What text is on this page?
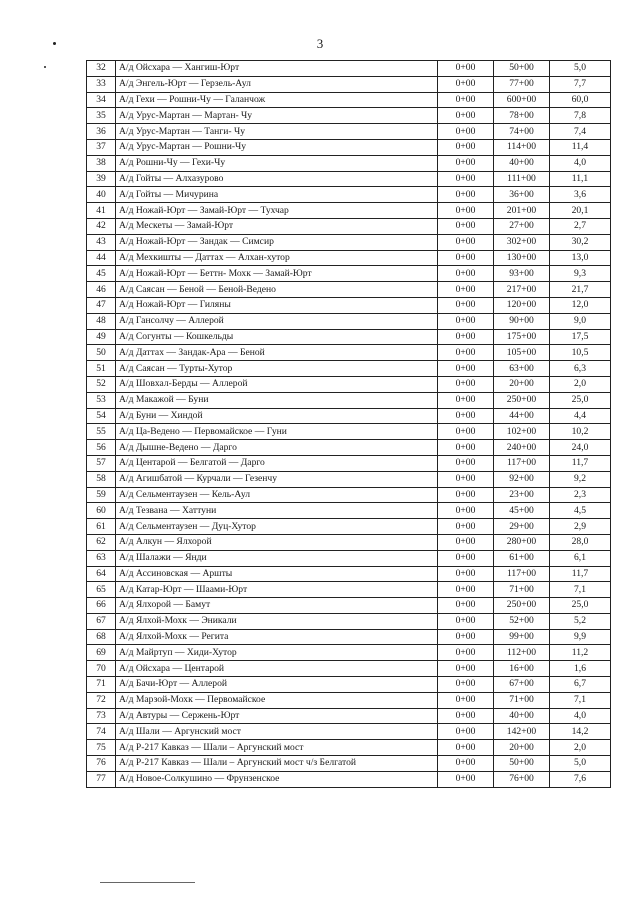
3
32	А/д Ойсхара — Хангиш-Юрт	0+00	50+00	5,0
33	А/д Энгель-Юрт — Герзель-Аул	0+00	77+00	7,7
34	А/д Гехи — Рошни-Чу — Галанчож	0+00	600+00	60,0
35	А/д Урус-Мартан — Мартан- Чу	0+00	78+00	7,8
36	А/д Урус-Мартан — Танги- Чу	0+00	74+00	7,4
37	А/д Урус-Мартан — Рошни-Чу	0+00	114+00	11,4
38	А/д Рошни-Чу — Гехи-Чу	0+00	40+00	4,0
39	А/д Гойты — Алхазурово	0+00	111+00	11,1
40	А/д Гойты — Мичурина	0+00	36+00	3,6
41	А/д Ножай-Юрт — Замай-Юрт — Тухчар	0+00	201+00	20,1
42	А/д Мескеты — Замай-Юрт	0+00	27+00	2,7
43	А/д Ножай-Юрт — Зандак — Симсир	0+00	302+00	30,2
44	А/д Мехкишты — Даттах — Алхан-хутор	0+00	130+00	13,0
45	А/д Ножай-Юрт — Беттн- Мохк — Замай-Юрт	0+00	93+00	9,3
46	А/д Саясан — Беной — Беной-Ведено	0+00	217+00	21,7
47	А/д Ножай-Юрт — Гиляны	0+00	120+00	12,0
48	А/д Гансолчу — Аллерой	0+00	90+00	9,0
49	А/д Согунты — Кошкельды	0+00	175+00	17,5
50	А/д Даттах — Зандак-Ара — Беной	0+00	105+00	10,5
51	А/д Саясан — Турты-Хутор	0+00	63+00	6,3
52	А/д Шовхал-Берды — Аллерой	0+00	20+00	2,0
53	А/д Макажой — Буни	0+00	250+00	25,0
54	А/д Буни — Хиндой	0+00	44+00	4,4
55	А/д Ца-Ведено — Первомайское — Гуни	0+00	102+00	10,2
56	А/д Дышне-Ведено — Дарго	0+00	240+00	24,0
57	А/д Центарой — Белгатой — Дарго	0+00	117+00	11,7
58	А/д Агишбатой — Курчали — Гезенчу	0+00	92+00	9,2
59	А/д Сельментаузен — Кель-Аул	0+00	23+00	2,3
60	А/д Тезвана — Хаттуни	0+00	45+00	4,5
61	А/д Сельментаузен — Дуц-Хутор	0+00	29+00	2,9
62	А/д Алкун — Ялхорой	0+00	280+00	28,0
63	А/д Шалажи — Янди	0+00	61+00	6,1
64	А/д Ассиновская — Аршты	0+00	117+00	11,7
65	А/д Катар-Юрт — Шаами-Юрт	0+00	71+00	7,1
66	А/д Ялхорой — Бамут	0+00	250+00	25,0
67	А/д Ялхой-Мохк — Эникали	0+00	52+00	5,2
68	А/д Ялхой-Мохк — Регита	0+00	99+00	9,9
69	А/д Майртуп — Хиди-Хутор	0+00	112+00	11,2
70	А/д Ойсхара — Центарой	0+00	16+00	1,6
71	А/д Бачи-Юрт — Аллерой	0+00	67+00	6,7
72	А/д Марзой-Мохк — Первомайское	0+00	71+00	7,1
73	А/д Автуры — Сержень-Юрт	0+00	40+00	4,0
74	А/д Шали — Аргунский мост	0+00	142+00	14,2
75	А/д Р-217 Кавказ — Шали – Аргунский мост	0+00	20+00	2,0
76	А/д Р-217 Кавказ — Шали – Аргунский мост ч/з Белгатой	0+00	50+00	5,0
77	А/д Новое-Солкушино — Фрунзенское	0+00	76+00	7,6
